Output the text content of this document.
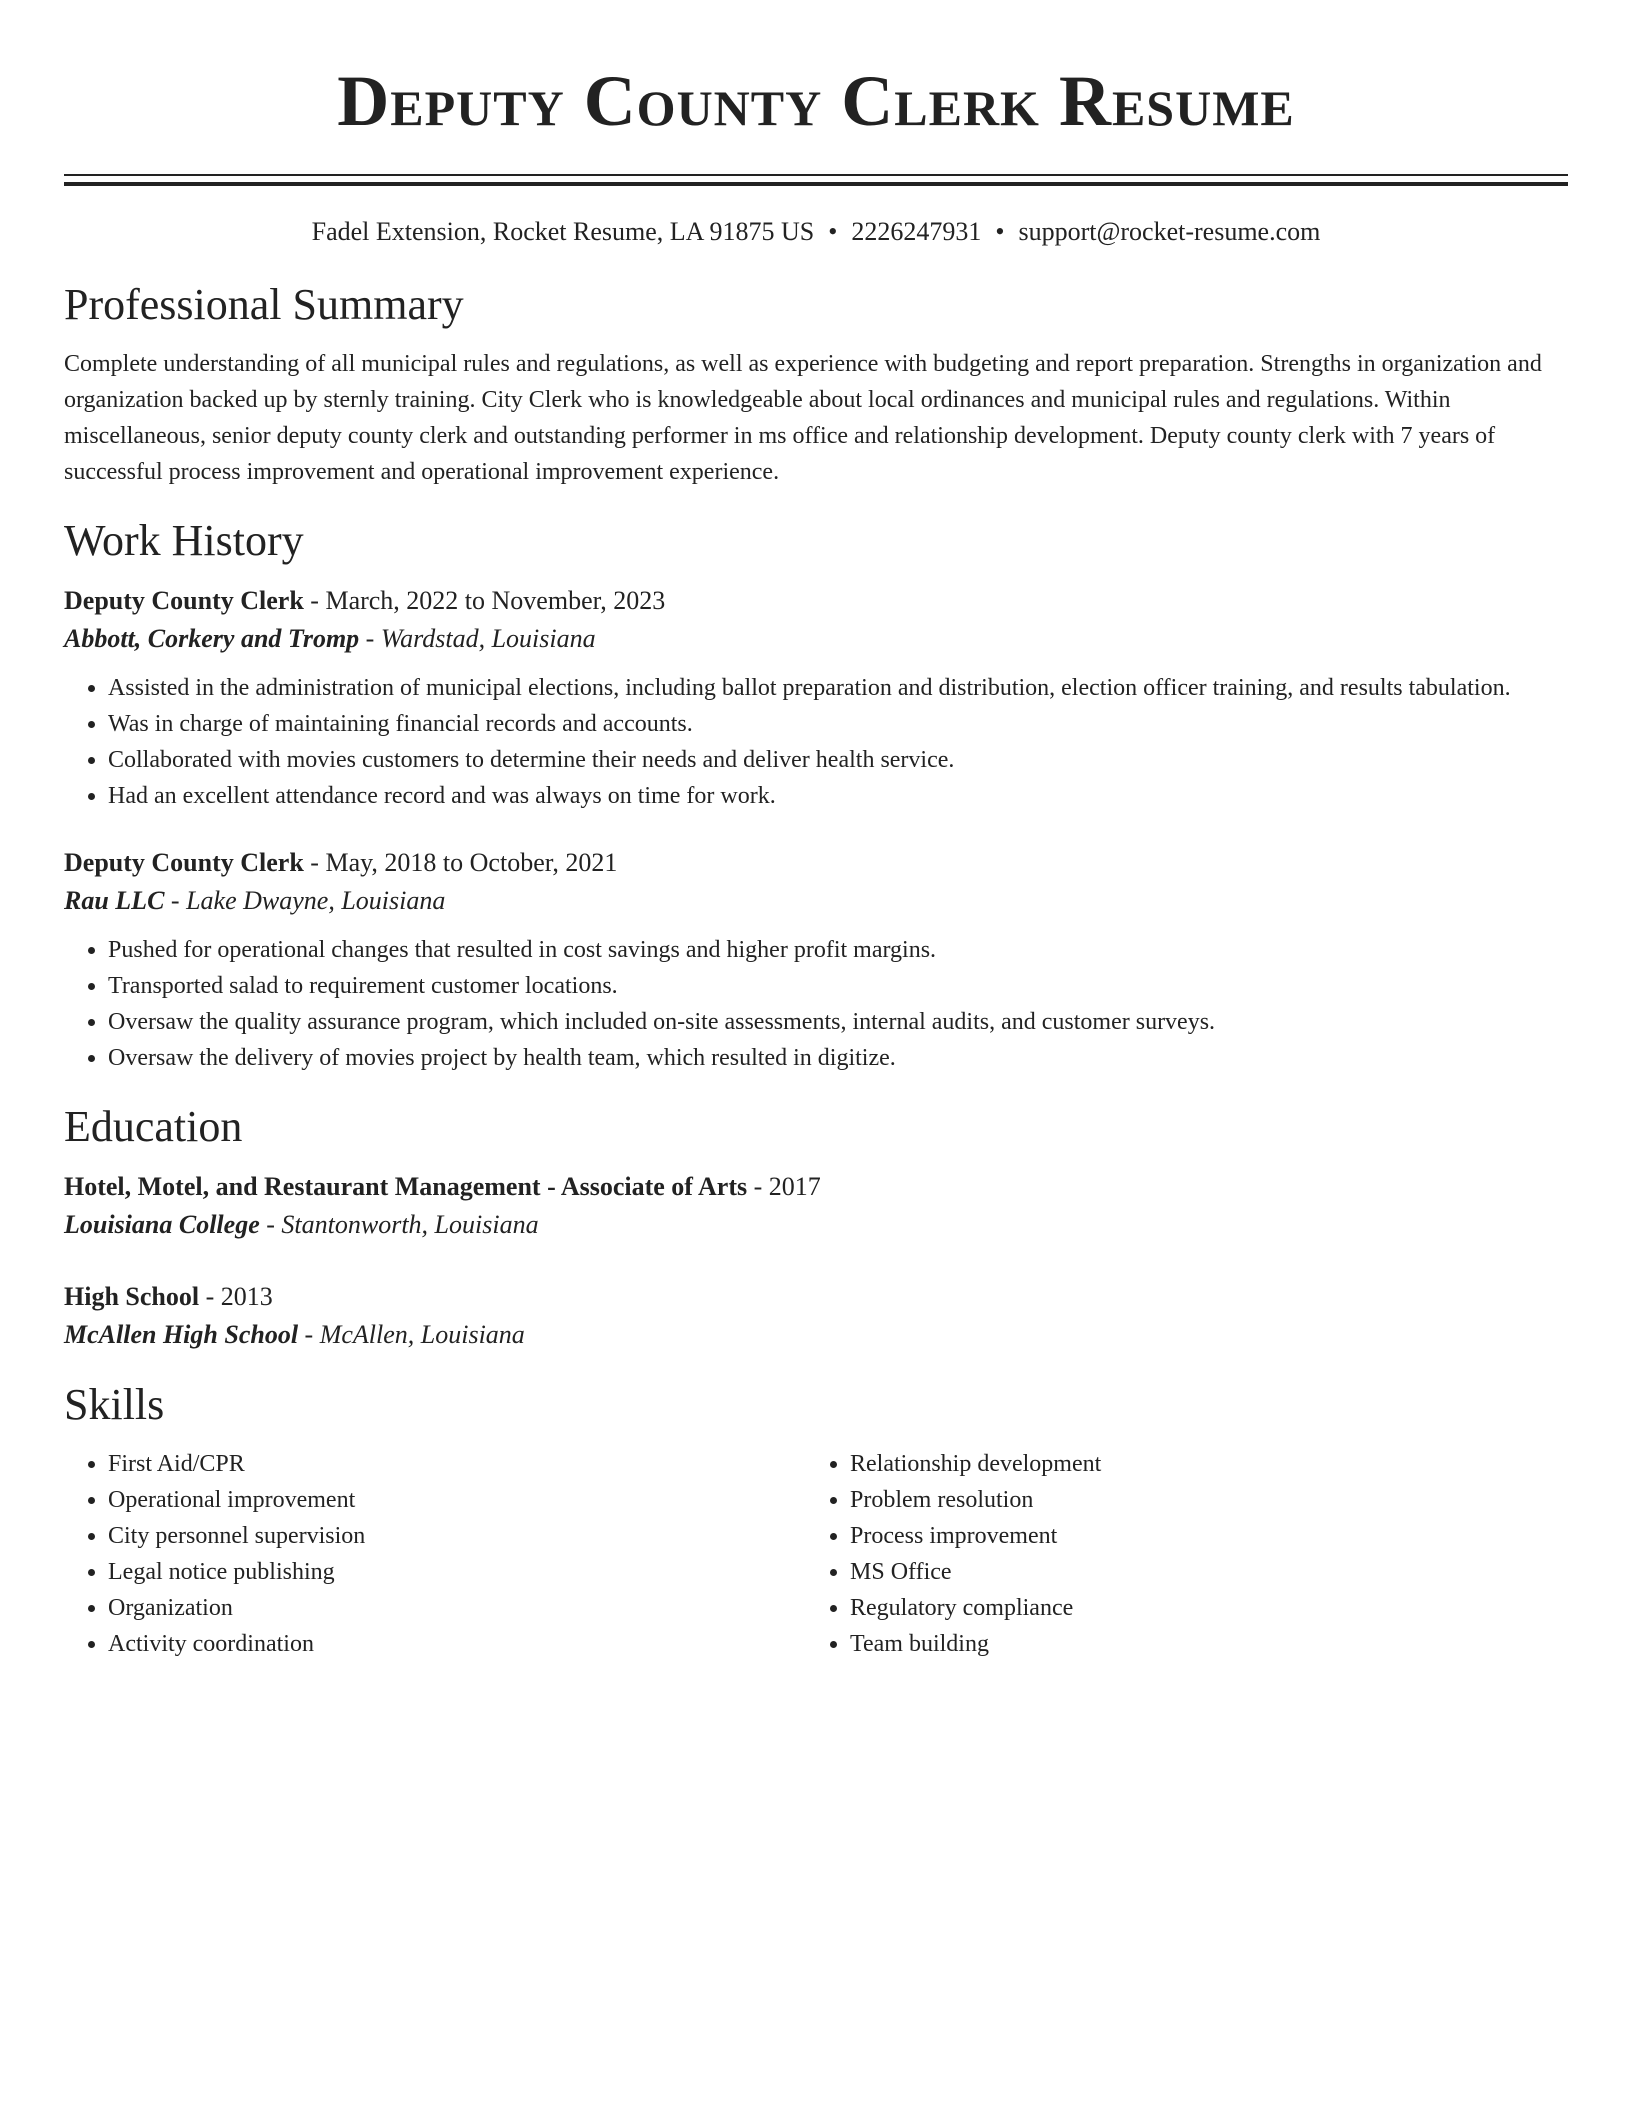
Deputy County Clerk Resume
Fadel Extension, Rocket Resume, LA 91875 US • 2226247931 • support@rocket-resume.com
Professional Summary

Complete understanding of all municipal rules and regulations, as well as experience with budgeting and report preparation. Strengths in organization and organization backed up by sternly training. City Clerk who is knowledgeable about local ordinances and municipal rules and regulations. Within miscellaneous, senior deputy county clerk and outstanding performer in ms office and relationship development. Deputy county clerk with 7 years of successful process improvement and operational improvement experience.

Work History
Deputy County Clerk - March, 2022 to November, 2023
Abbott, Corkery and Tromp - Wardstad, Louisiana
• Assisted in the administration of municipal elections, including ballot preparation and distribution, election officer training, and results tabulation.
• Was in charge of maintaining financial records and accounts.
• Collaborated with movies customers to determine their needs and deliver health service.
• Had an excellent attendance record and was always on time for work.
Deputy County Clerk - May, 2018 to October, 2021
Rau LLC - Lake Dwayne, Louisiana
• Pushed for operational changes that resulted in cost savings and higher profit margins.
• Transported salad to requirement customer locations.
• Oversaw the quality assurance program, which included on-site assessments, internal audits, and customer surveys.
• Oversaw the delivery of movies project by health team, which resulted in digitize.
Education
Hotel, Motel, and Restaurant Management - Associate of Arts - 2017
Louisiana College - Stantonworth, Louisiana
High School - 2013
McAllen High School - McAllen, Louisiana
Skills
• First Aid/CPR
• Operational improvement
• City personnel supervision
• Legal notice publishing
• Organization
• Activity coordination
• Relationship development
• Problem resolution
• Process improvement
• MS Office
• Regulatory compliance
• Team building
